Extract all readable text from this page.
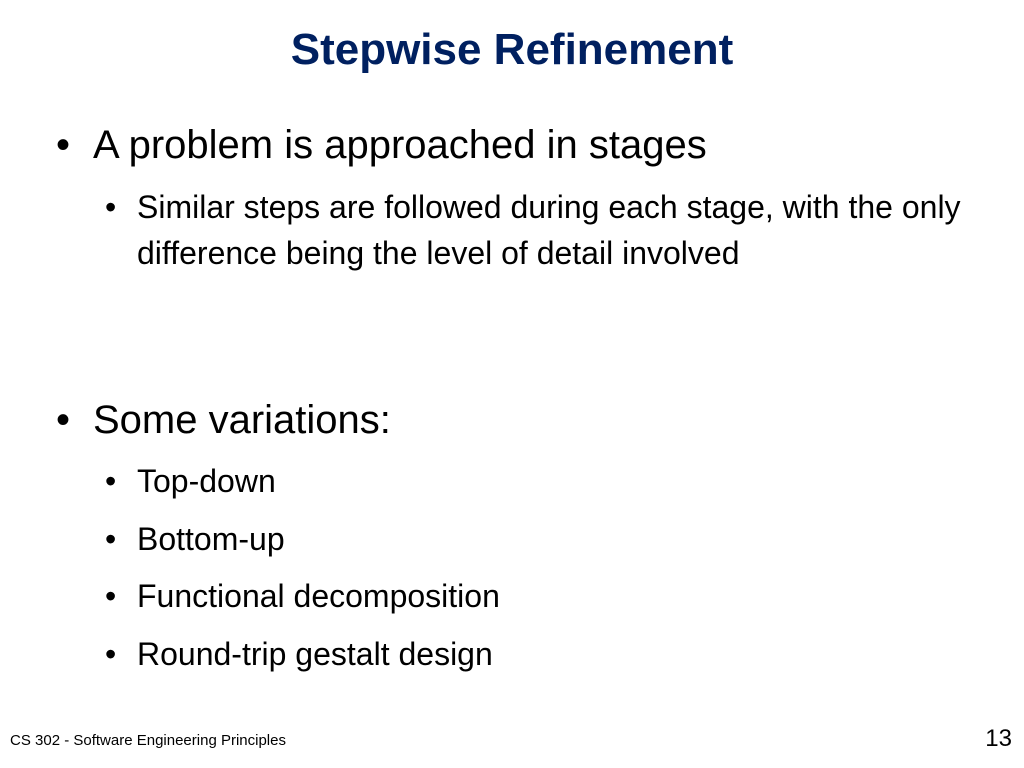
Stepwise Refinement
• A problem is approached in stages
• Similar steps are followed during each stage, with the only difference being the level of detail involved
• Some variations:
• Top-down
• Bottom-up
• Functional decomposition
• Round-trip gestalt design
CS 302 - Software Engineering Principles	13
